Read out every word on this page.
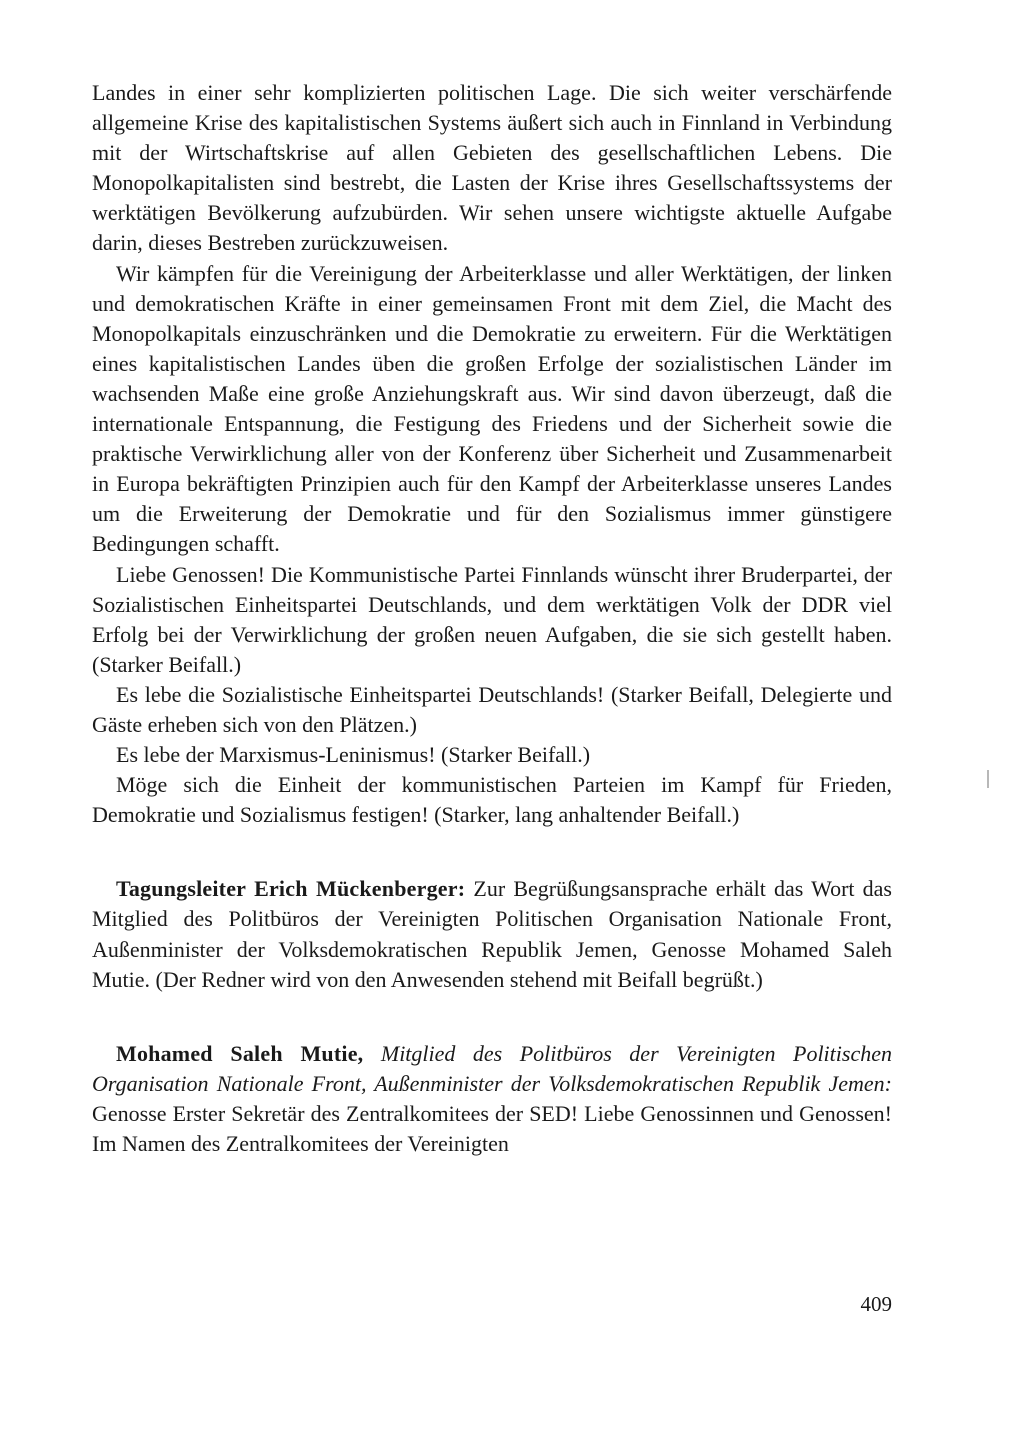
Landes in einer sehr komplizierten politischen Lage. Die sich weiter verschärfende allgemeine Krise des kapitalistischen Systems äußert sich auch in Finnland in Verbindung mit der Wirtschaftskrise auf allen Gebieten des gesellschaftlichen Lebens. Die Monopolkapitalisten sind bestrebt, die Lasten der Krise ihres Gesellschaftssystems der werktätigen Bevölkerung aufzubürden. Wir sehen unsere wichtigste aktuelle Aufgabe darin, dieses Bestreben zurückzuweisen.

Wir kämpfen für die Vereinigung der Arbeiterklasse und aller Werktätigen, der linken und demokratischen Kräfte in einer gemeinsamen Front mit dem Ziel, die Macht des Monopolkapitals einzuschränken und die Demokratie zu erweitern. Für die Werktätigen eines kapitalistischen Landes üben die großen Erfolge der sozialistischen Länder im wachsenden Maße eine große Anziehungskraft aus. Wir sind davon überzeugt, daß die internationale Entspannung, die Festigung des Friedens und der Sicherheit sowie die praktische Verwirklichung aller von der Konferenz über Sicherheit und Zusammenarbeit in Europa bekräftigten Prinzipien auch für den Kampf der Arbeiterklasse unseres Landes um die Erweiterung der Demokratie und für den Sozialismus immer günstigere Bedingungen schafft.

Liebe Genossen! Die Kommunistische Partei Finnlands wünscht ihrer Bruderpartei, der Sozialistischen Einheitspartei Deutschlands, und dem werktätigen Volk der DDR viel Erfolg bei der Verwirklichung der großen neuen Aufgaben, die sie sich gestellt haben. (Starker Beifall.)

Es lebe die Sozialistische Einheitspartei Deutschlands! (Starker Beifall, Delegierte und Gäste erheben sich von den Plätzen.)

Es lebe der Marxismus-Leninismus! (Starker Beifall.)

Möge sich die Einheit der kommunistischen Parteien im Kampf für Frieden, Demokratie und Sozialismus festigen! (Starker, lang anhaltender Beifall.)

Tagungsleiter Erich Mückenberger: Zur Begrüßungsansprache erhält das Wort das Mitglied des Politbüros der Vereinigten Politischen Organisation Nationale Front, Außenminister der Volksdemokratischen Republik Jemen, Genosse Mohamed Saleh Mutie. (Der Redner wird von den Anwesenden stehend mit Beifall begrüßt.)

Mohamed Saleh Mutie, Mitglied des Politbüros der Vereinigten Politischen Organisation Nationale Front, Außenminister der Volksdemokratischen Republik Jemen: Genosse Erster Sekretär des Zentralkomitees der SED! Liebe Genossinnen und Genossen! Im Namen des Zentralkomitees der Vereinigten

409
